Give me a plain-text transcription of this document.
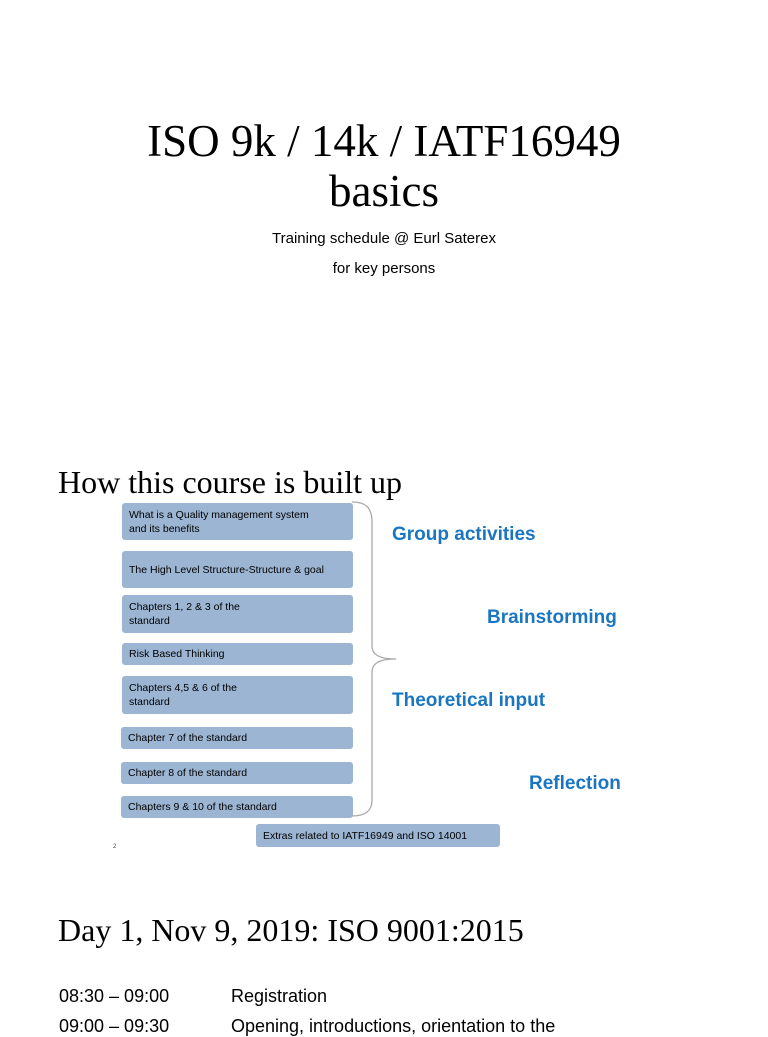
ISO 9k / 14k / IATF16949
basics
Training schedule @ Eurl Saterex
for key persons
How this course is built up
What is a Quality management system
and its benefits
The High Level Structure-Structure & goal
Chapters 1, 2 & 3 of the
standard
Risk Based Thinking
Chapters 4,5 & 6 of the
standard
Chapter 7 of the standard
Chapter 8 of the standard
Chapters 9 & 10 of the standard
Extras related to IATF16949 and ISO 14001
Group activities
Brainstorming
Theoretical input
Reflection
2
Day 1, Nov 9, 2019: ISO 9001:2015
08:30 – 09:00	Registration
09:00 – 09:30	Opening, introductions, orientation to the
